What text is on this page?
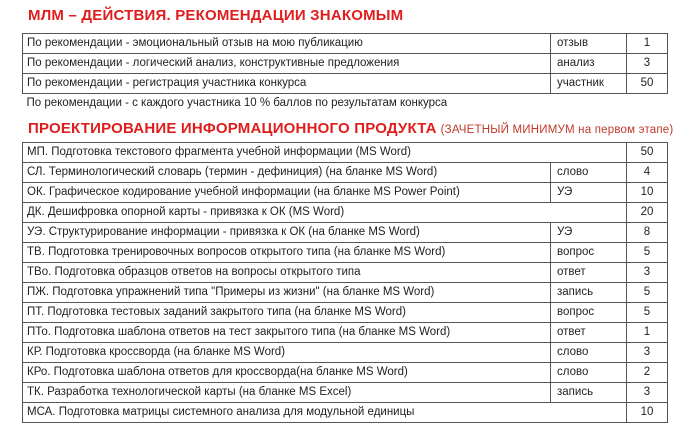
МЛМ – ДЕЙСТВИЯ. РЕКОМЕНДАЦИИ ЗНАКОМЫМ
По рекомендации - эмоциональный отзыв на мою публикацию	отзыв	1
По рекомендации - логический анализ, конструктивные предложения	анализ	3
По рекомендации - регистрация участника конкурса	участник	50
По рекомендации - с каждого участника 10 % баллов по результатам конкурса		
ПРОЕКТИРОВАНИЕ ИНФОРМАЦИОННОГО ПРОДУКТА (ЗАЧЕТНЫЙ МИНИМУМ на первом этапе)
МП. Подготовка текстового фрагмента учебной информации (MS Word)		50
СЛ. Терминологический словарь (термин - дефиниция) (на бланке MS Word)	слово	4
ОК. Графическое кодирование учебной информации (на бланке MS Power Point)	УЭ	10
ДК. Дешифровка опорной карты - привязка к ОК (MS Word)		20
УЭ. Структурирование информации - привязка к ОК (на бланке MS Word)	УЭ	8
ТВ. Подготовка тренировочных вопросов открытого типа (на бланке MS Word)	вопрос	5
ТВо. Подготовка образцов ответов на вопросы открытого типа	ответ	3
ПЖ. Подготовка упражнений типа "Примеры из жизни" (на бланке MS Word)	запись	5
ПТ. Подготовка тестовых заданий закрытого типа (на бланке MS Word)	вопрос	5
ПТо. Подготовка шаблона ответов на тест закрытого типа (на бланке MS Word)	ответ	1
КР. Подготовка кроссворда (на бланке MS Word)	слово	3
КРо. Подготовка шаблона ответов для кроссворда(на бланке MS Word)	слово	2
ТК. Разработка технологической карты (на бланке MS Excel)	запись	3
МСА. Подготовка матрицы системного анализа для модульной единицы		10
